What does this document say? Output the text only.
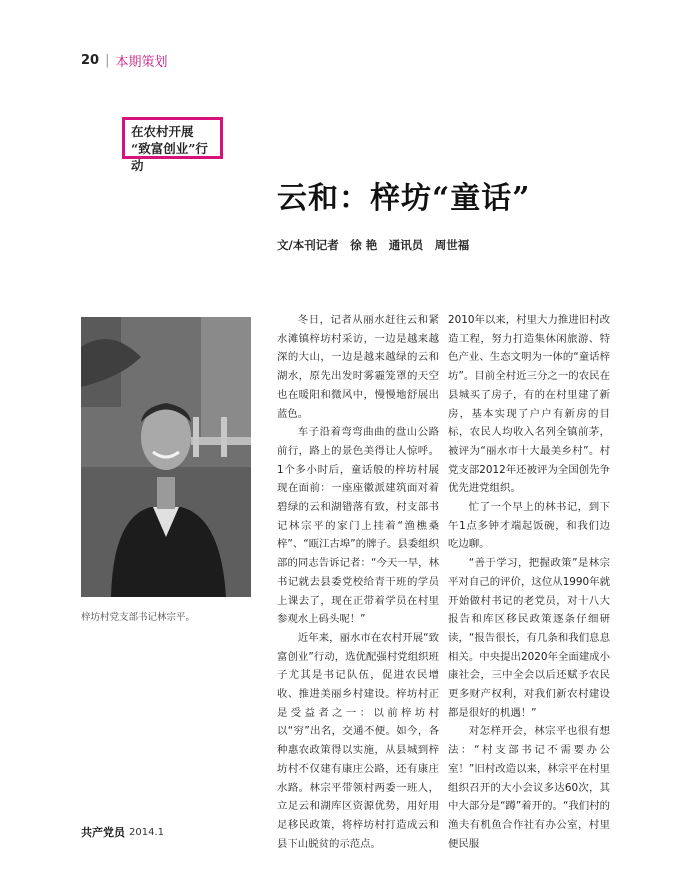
20 | 本期策划
在农村开展
“致富创业”行动
云和：梓坊“童话”
文/本刊记者　徐 艳　通讯员　周世福
梓坊村党支部书记林宗平。

冬日，记者从丽水赶往云和紧水滩镇梓坊村采访，一边是越来越深的大山，一边是越来越绿的云和湖水，原先出发时雾霾笼罩的天空也在暖阳和微风中，慢慢地舒展出蓝色。

车子沿着弯弯曲曲的盘山公路前行，路上的景色美得让人惊呼。1个多小时后，童话般的梓坊村展现在面前：一座座徽派建筑面对着碧绿的云和湖错落有致，村支部书记林宗平的家门上挂着“渔樵桑梓”、“瓯江古埠”的牌子。县委组织部的同志告诉记者：“今天一早，林书记就去县委党校给青干班的学员上课去了，现在正带着学员在村里参观水上码头呢！”

近年来，丽水市在农村开展“致富创业”行动，选优配强村党组织班子尤其是书记队伍，促进农民增收、推进美丽乡村建设。梓坊村正是受益者之一：以前梓坊村以“穷”出名，交通不便。如今，各种惠农政策得以实施，从县城到梓坊村不仅建有康庄公路，还有康庄水路。林宗平带领村两委一班人，立足云和湖库区资源优势，用好用足移民政策，将梓坊村打造成云和县下山脱贫的示范点。

2010年以来，村里大力推进旧村改造工程，努力打造集休闲旅游、特色产业、生态文明为一体的“童话梓坊”。目前全村近三分之一的农民在县城买了房子，有的在村里建了新房，基本实现了户户有新房的目标，农民人均收入名列全镇前茅，被评为“丽水市十大最美乡村”。村党支部2012年还被评为全国创先争优先进党组织。

忙了一个早上的林书记，到下午1点多钟才端起饭碗，和我们边吃边聊。

“善于学习，把握政策”是林宗平对自己的评价，这位从1990年就开始做村书记的老党员，对十八大报告和库区移民政策逐条仔细研读，“报告很长，有几条和我们息息相关。中央提出2020年全面建成小康社会，三中全会以后还赋予农民更多财产权利，对我们新农村建设都是很好的机遇！”

对怎样开会，林宗平也很有想法：“村支部书记不需要办公室！”旧村改造以来，林宗平在村里组织召开的大小会议多达60次，其中大部分是“蹲”着开的。“我们村的渔夫有机鱼合作社有办公室，村里便民服

共产党员 2014.1
